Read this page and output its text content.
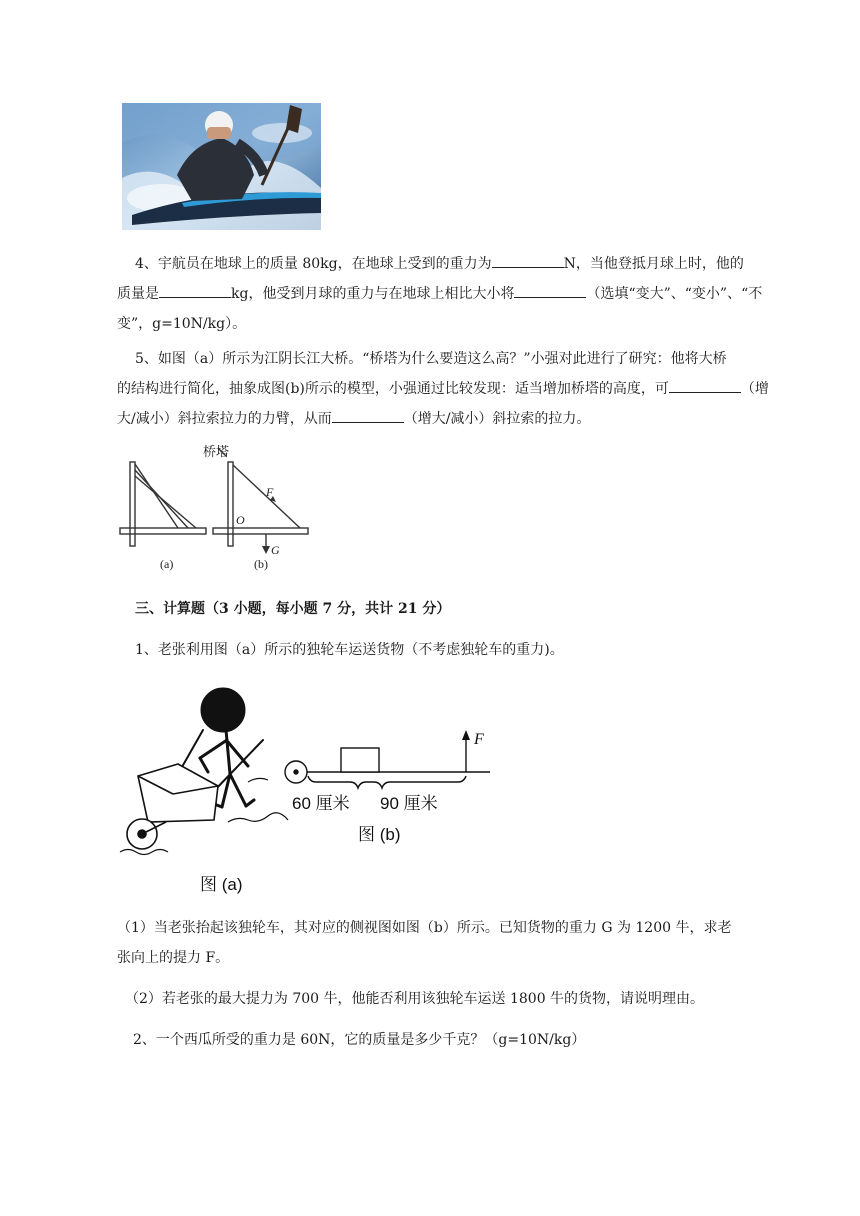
4、宇航员在地球上的质量 80kg，在地球上受到的重力为	N，当他登抵月球上时，他的
质量是	kg，他受到月球的重力与在地球上相比大小将	（选填“变大”、“变小”、“不
变”，g=10N/kg）。
5、如图（a）所示为江阴长江大桥。“桥塔为什么要造这么高？”小强对此进行了研究：他将大桥
的结构进行简化，抽象成图(b)所示的模型，小强通过比较发现：适当增加桥塔的高度，可	（增
大/减小）斜拉索拉力的力臂，从而	（增大/减小）斜拉索的拉力。
桥塔
F
O
G
(a)	(b)
三、计算题（3 小题，每小题 7 分，共计 21 分）
1、老张利用图（a）所示的独轮车运送货物（不考虑独轮车的重力)。
F
60 厘米 90 厘米
图 (b)
图 (a)
（1）当老张抬起该独轮车，其对应的侧视图如图（b）所示。已知货物的重力 G 为 1200 牛，求老
张向上的提力 F。
（2）若老张的最大提力为 700 牛，他能否利用该独轮车运送 1800 牛的货物，请说明理由。
2、一个西瓜所受的重力是 60N，它的质量是多少千克？（g=10N/kg）
